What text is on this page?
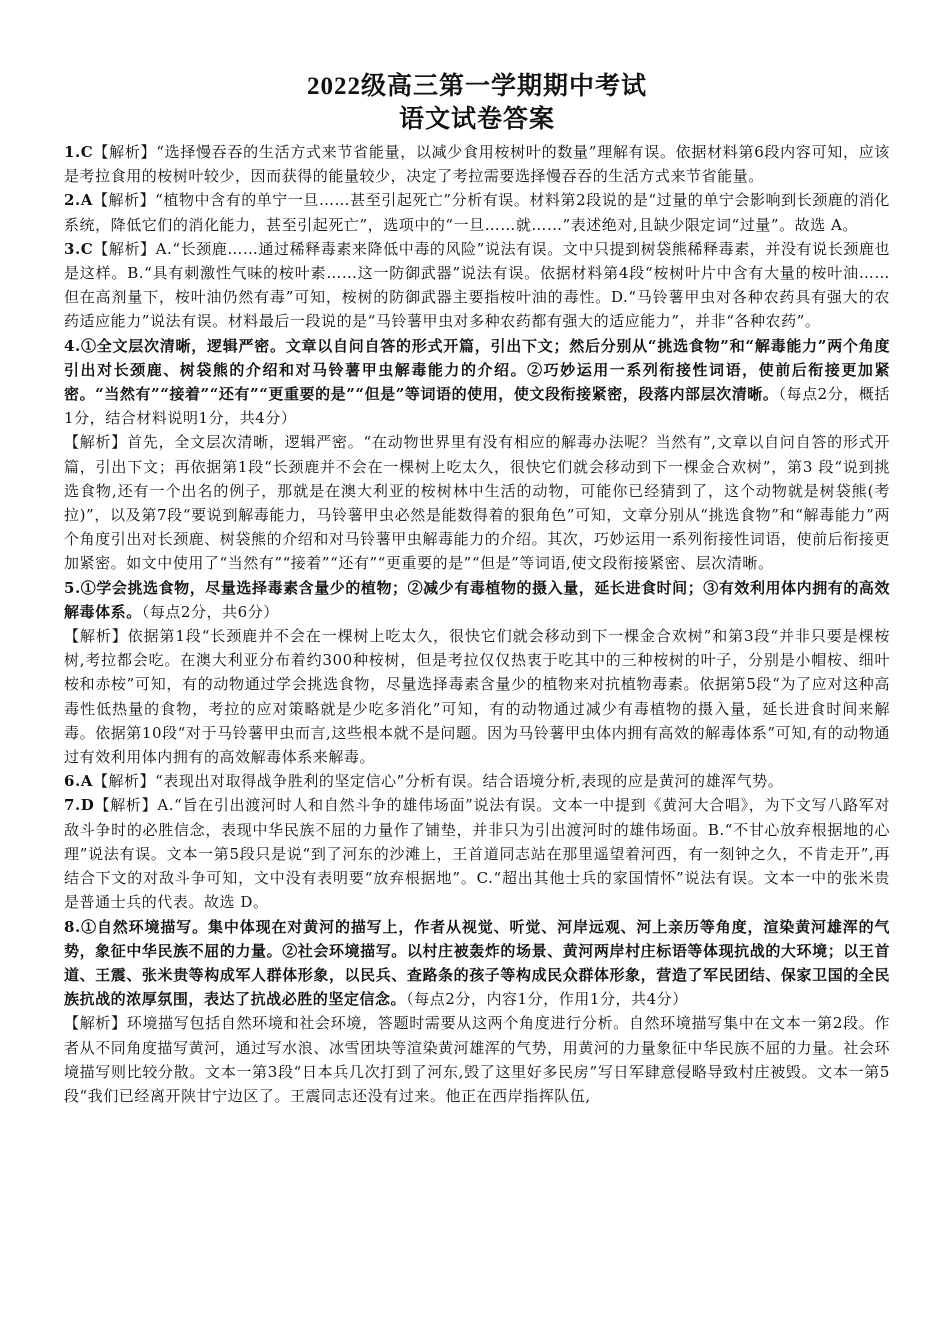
2022级高三第一学期期中考试
语文试卷答案

1.C【解析】“选择慢吞吞的生活方式来节省能量，以减少食用桉树叶的数量”理解有误。依据材料第6段内容可知，应该是考拉食用的桉树叶较少，因而获得的能量较少，决定了考拉需要选择慢吞吞的生活方式来节省能量。

2.A【解析】“植物中含有的单宁一旦……甚至引起死亡”分析有误。材料第2段说的是“过量的单宁会影响到长颈鹿的消化系统，降低它们的消化能力，甚至引起死亡”，选项中的“一旦……就……”表述绝对,且缺少限定词“过量”。故选 A。

3.C【解析】A.“长颈鹿……通过稀释毒素来降低中毒的风险”说法有误。文中只提到树袋熊稀释毒素，并没有说长颈鹿也是这样。B.“具有刺激性气味的桉叶素……这一防御武器”说法有误。依据材料第4段“桉树叶片中含有大量的桉叶油……但在高剂量下，桉叶油仍然有毒”可知，桉树的防御武器主要指桉叶油的毒性。D.“马铃薯甲虫对各种农药具有强大的农药适应能力”说法有误。材料最后一段说的是“马铃薯甲虫对多种农药都有强大的适应能力”，并非“各种农药”。

4.①全文层次清晰，逻辑严密。文章以自问自答的形式开篇，引出下文；然后分别从“挑选食物”和“解毒能力”两个角度引出对长颈鹿、树袋熊的介绍和对马铃薯甲虫解毒能力的介绍。②巧妙运用一系列衔接性词语，使前后衔接更加紧密。“当然有”“接着”“还有”“更重要的是”“但是”等词语的使用，使文段衔接紧密，段落内部层次清晰。（每点2分，概括1分，结合材料说明1分，共4分）

【解析】首先，全文层次清晰，逻辑严密。“在动物世界里有没有相应的解毒办法呢？当然有”,文章以自问自答的形式开篇，引出下文；再依据第1段“长颈鹿并不会在一棵树上吃太久，很快它们就会移动到下一棵金合欢树”，第3 段“说到挑选食物,还有一个出名的例子，那就是在澳大利亚的桉树林中生活的动物，可能你已经猜到了，这个动物就是树袋熊(考拉)”，以及第7段“要说到解毒能力，马铃薯甲虫必然是能数得着的狠角色”可知，文章分别从“挑选食物”和“解毒能力”两个角度引出对长颈鹿、树袋熊的介绍和对马铃薯甲虫解毒能力的介绍。其次，巧妙运用一系列衔接性词语，使前后衔接更加紧密。如文中使用了“当然有”“接着”“还有”“更重要的是”“但是”等词语,使文段衔接紧密、层次清晰。

5.①学会挑选食物，尽量选择毒素含量少的植物；②减少有毒植物的摄入量，延长进食时间；③有效利用体内拥有的高效解毒体系。（每点2分，共6分）

【解析】依据第1段“长颈鹿并不会在一棵树上吃太久，很快它们就会移动到下一棵金合欢树”和第3段“并非只要是棵桉树,考拉都会吃。在澳大利亚分布着约300种桉树，但是考拉仅仅热衷于吃其中的三种桉树的叶子，分别是小帽桉、细叶桉和赤桉”可知，有的动物通过学会挑选食物，尽量选择毒素含量少的植物来对抗植物毒素。依据第5段“为了应对这种高毒性低热量的食物，考拉的应对策略就是少吃多消化”可知，有的动物通过减少有毒植物的摄入量，延长进食时间来解毒。依据第10段“对于马铃薯甲虫而言,这些根本就不是问题。因为马铃薯甲虫体内拥有高效的解毒体系”可知,有的动物通过有效利用体内拥有的高效解毒体系来解毒。

6.A【解析】“表现出对取得战争胜利的坚定信心”分析有误。结合语境分析,表现的应是黄河的雄浑气势。

7.D【解析】A.“旨在引出渡河时人和自然斗争的雄伟场面”说法有误。文本一中提到《黄河大合唱》，为下文写八路军对敌斗争时的必胜信念，表现中华民族不屈的力量作了铺垫，并非只为引出渡河时的雄伟场面。B.“不甘心放弃根据地的心理”说法有误。文本一第5段只是说“到了河东的沙滩上，王首道同志站在那里遥望着河西，有一刻钟之久，不肯走开”,再结合下文的对敌斗争可知，文中没有表明要“放弃根据地”。C.“超出其他士兵的家国情怀”说法有误。文本一中的张米贵是普通士兵的代表。故选 D。

8.①自然环境描写。集中体现在对黄河的描写上，作者从视觉、听觉、河岸远观、河上亲历等角度，渲染黄河雄浑的气势，象征中华民族不屈的力量。②社会环境描写。以村庄被轰炸的场景、黄河两岸村庄标语等体现抗战的大环境；以王首道、王震、张米贵等构成军人群体形象，以民兵、查路条的孩子等构成民众群体形象，营造了军民团结、保家卫国的全民族抗战的浓厚氛围，表达了抗战必胜的坚定信念。（每点2分，内容1分，作用1分，共4分）

【解析】环境描写包括自然环境和社会环境，答题时需要从这两个角度进行分析。自然环境描写集中在文本一第2段。作者从不同角度描写黄河，通过写水浪、冰雪团块等渲染黄河雄浑的气势，用黄河的力量象征中华民族不屈的力量。社会环境描写则比较分散。文本一第3段“日本兵几次打到了河东,毁了这里好多民房”写日军肆意侵略导致村庄被毁。文本一第5段“我们已经离开陕甘宁边区了。王震同志还没有过来。他正在西岸指挥队伍,
